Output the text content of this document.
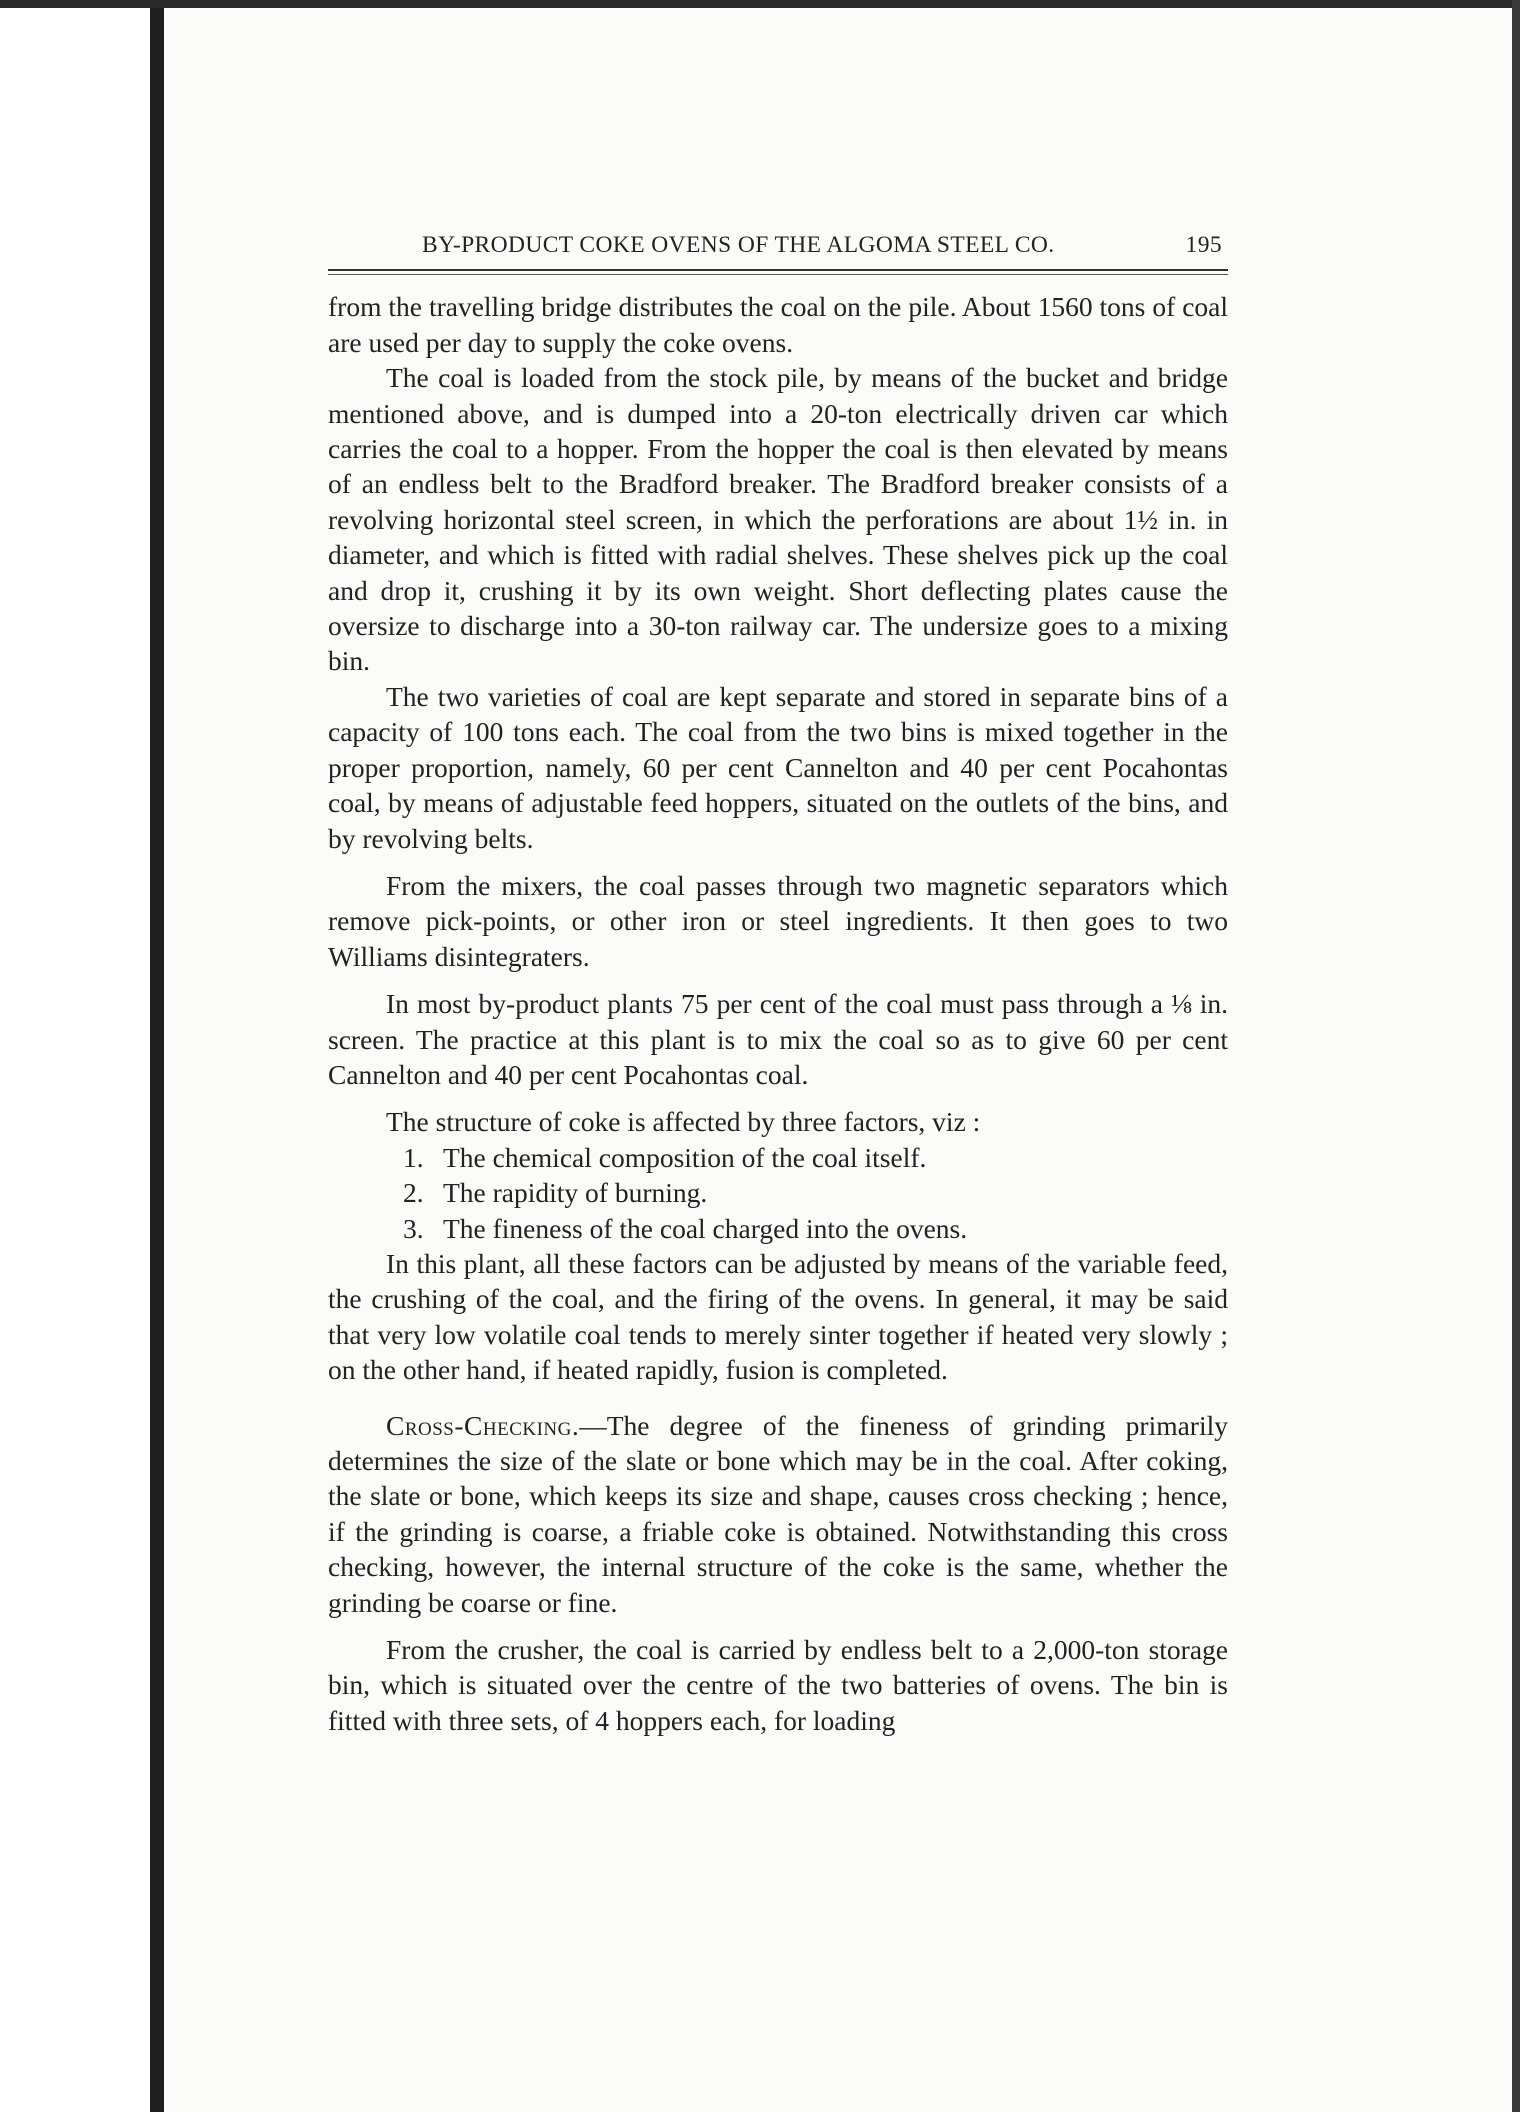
BY-PRODUCT COKE OVENS OF THE ALGOMA STEEL CO.	195

from the travelling bridge distributes the coal on the pile. About 1560 tons of coal are used per day to supply the coke ovens.

The coal is loaded from the stock pile, by means of the bucket and bridge mentioned above, and is dumped into a 20-ton electrically driven car which carries the coal to a hopper. From the hopper the coal is then elevated by means of an endless belt to the Bradford breaker. The Bradford breaker consists of a revolving horizontal steel screen, in which the perforations are about 1½ in. in diameter, and which is fitted with radial shelves. These shelves pick up the coal and drop it, crushing it by its own weight. Short deflecting plates cause the oversize to discharge into a 30-ton railway car. The undersize goes to a mixing bin.

The two varieties of coal are kept separate and stored in separate bins of a capacity of 100 tons each. The coal from the two bins is mixed together in the proper proportion, namely, 60 per cent Cannelton and 40 per cent Pocahontas coal, by means of adjustable feed hoppers, situated on the outlets of the bins, and by revolving belts.

From the mixers, the coal passes through two magnetic separators which remove pick-points, or other iron or steel ingredients. It then goes to two Williams disintegraters.

In most by-product plants 75 per cent of the coal must pass through a ⅛ in. screen. The practice at this plant is to mix the coal so as to give 60 per cent Cannelton and 40 per cent Pocahontas coal.

The structure of coke is affected by three factors, viz :

1. The chemical composition of the coal itself.
2. The rapidity of burning.
3. The fineness of the coal charged into the ovens.

In this plant, all these factors can be adjusted by means of the variable feed, the crushing of the coal, and the firing of the ovens. In general, it may be said that very low volatile coal tends to merely sinter together if heated very slowly ; on the other hand, if heated rapidly, fusion is completed.

Cross-Checking.—The degree of the fineness of grinding primarily determines the size of the slate or bone which may be in the coal. After coking, the slate or bone, which keeps its size and shape, causes cross checking ; hence, if the grinding is coarse, a friable coke is obtained. Notwithstanding this cross checking, however, the internal structure of the coke is the same, whether the grinding be coarse or fine.

From the crusher, the coal is carried by endless belt to a 2,000-ton storage bin, which is situated over the centre of the two batteries of ovens. The bin is fitted with three sets, of 4 hoppers each, for loading
